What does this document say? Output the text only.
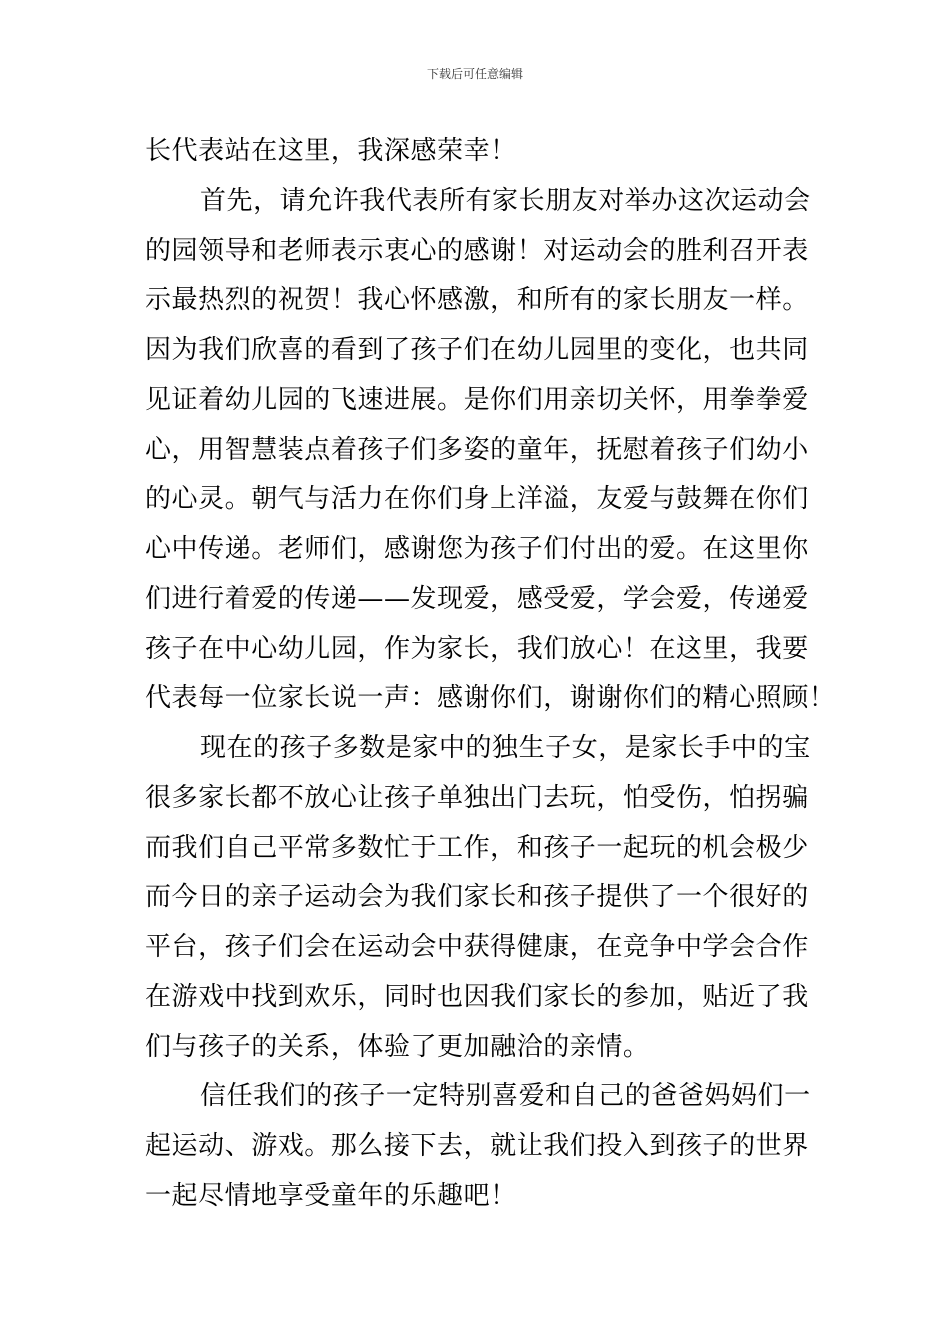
下载后可任意编辑
长代表站在这里，我深感荣幸！
首先，请允许我代表所有家长朋友对举办这次运动会
的园领导和老师表示衷心的感谢！对运动会的胜利召开表
示最热烈的祝贺！我心怀感激，和所有的家长朋友一样。
因为我们欣喜的看到了孩子们在幼儿园里的变化，也共同
见证着幼儿园的飞速进展。是你们用亲切关怀，用拳拳爱
心，用智慧装点着孩子们多姿的童年，抚慰着孩子们幼小
的心灵。朝气与活力在你们身上洋溢，友爱与鼓舞在你们
心中传递。老师们，感谢您为孩子们付出的爱。在这里你
们进行着爱的传递——发现爱，感受爱，学会爱，传递爱
孩子在中心幼儿园，作为家长，我们放心！在这里，我要
代表每一位家长说一声：感谢你们，谢谢你们的精心照顾！
现在的孩子多数是家中的独生子女，是家长手中的宝
很多家长都不放心让孩子单独出门去玩，怕受伤，怕拐骗
而我们自己平常多数忙于工作，和孩子一起玩的机会极少
而今日的亲子运动会为我们家长和孩子提供了一个很好的
平台，孩子们会在运动会中获得健康，在竞争中学会合作
在游戏中找到欢乐，同时也因我们家长的参加，贴近了我
们与孩子的关系，体验了更加融洽的亲情。
信任我们的孩子一定特别喜爱和自己的爸爸妈妈们一
起运动、游戏。那么接下去，就让我们投入到孩子的世界
一起尽情地享受童年的乐趣吧！
